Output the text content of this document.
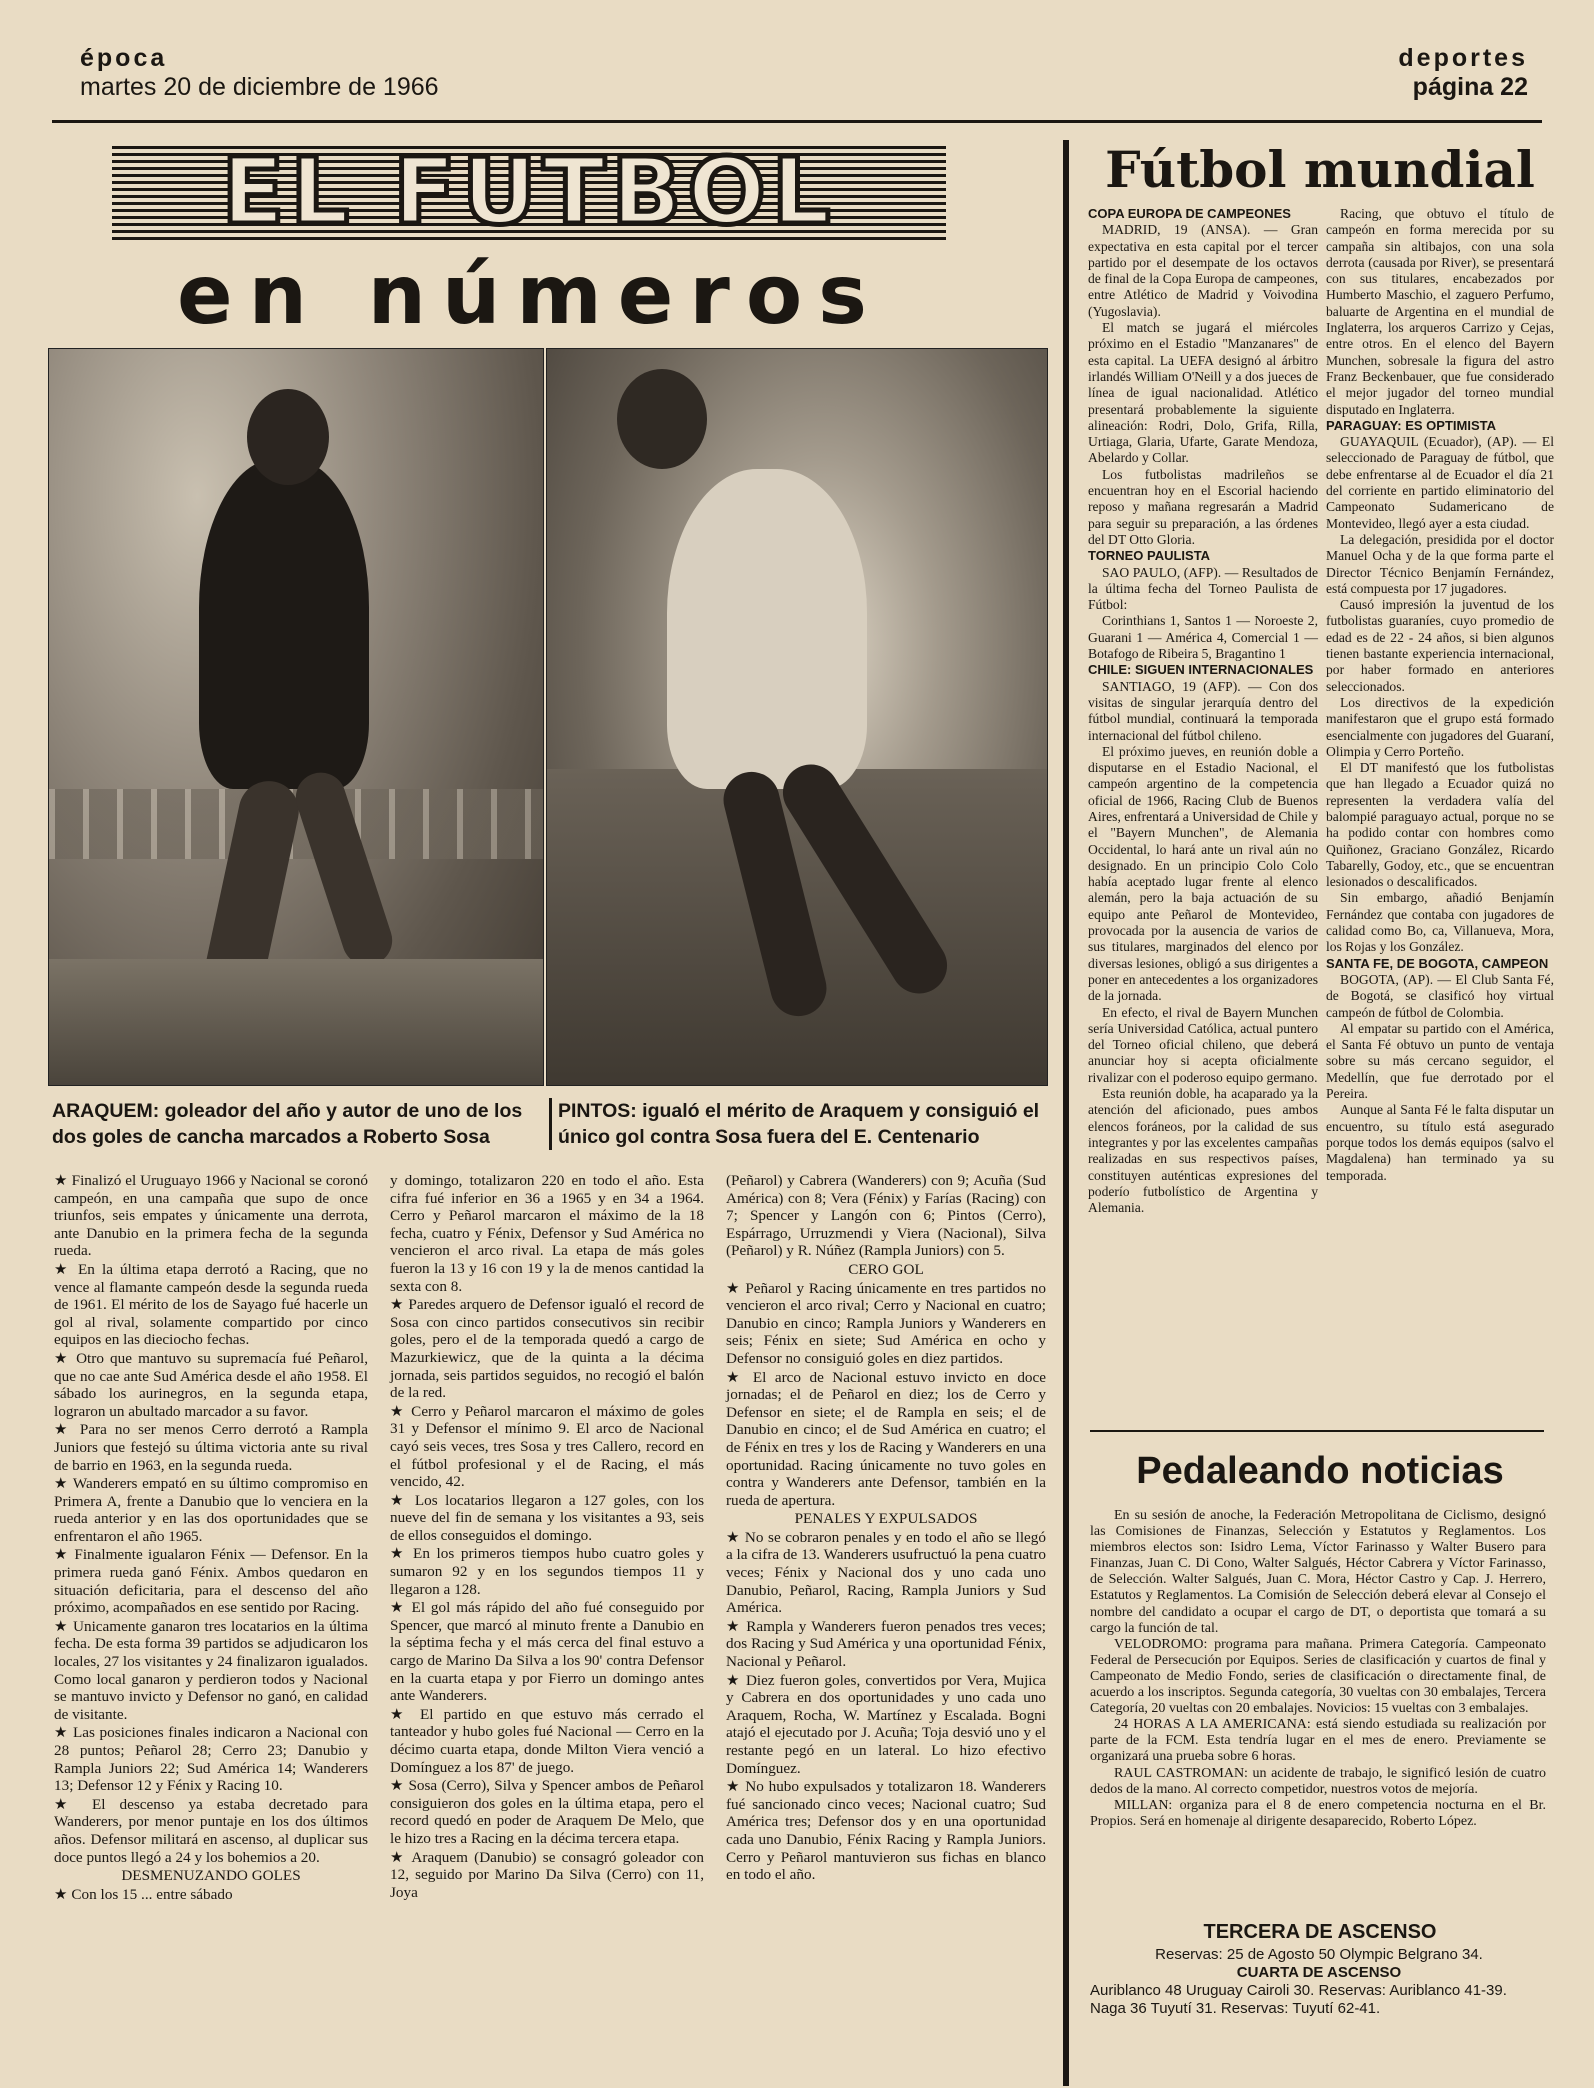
época
martes 20 de diciembre de 1966
deportes
página 22
EL FUTBOL
en números
ARAQUEM: goleador del año y autor de uno de los dos goles de cancha marcados a Roberto Sosa
PINTOS: igualó el mérito de Araquem y consiguió el único gol contra Sosa fuera del E. Centenario

★ Finalizó el Uruguayo 1966 y Nacional se coronó campeón, en una campaña que supo de once triunfos, seis empates y únicamente una derrota, ante Danubio en la primera fecha de la segunda rueda.

★ En la última etapa derrotó a Racing, que no vence al flamante campeón desde la segunda rueda de 1961. El mérito de los de Sayago fué hacerle un gol al rival, solamente compartido por cinco equipos en las dieciocho fechas.

★ Otro que mantuvo su supremacía fué Peñarol, que no cae ante Sud América desde el año 1958. El sábado los aurinegros, en la segunda etapa, lograron un abultado marcador a su favor.

★ Para no ser menos Cerro derrotó a Rampla Juniors que festejó su última victoria ante su rival de barrio en 1963, en la segunda rueda.

★ Wanderers empató en su último compromiso en Primera A, frente a Danubio que lo venciera en la rueda anterior y en las dos oportunidades que se enfrentaron el año 1965.

★ Finalmente igualaron Fénix — Defensor. En la primera rueda ganó Fénix. Ambos quedaron en situación deficitaria, para el descenso del año próximo, acompañados en ese sentido por Racing.

★ Unicamente ganaron tres locatarios en la última fecha. De esta forma 39 partidos se adjudicaron los locales, 27 los visitantes y 24 finalizaron igualados. Como local ganaron y perdieron todos y Nacional se mantuvo invicto y Defensor no ganó, en calidad de visitante.

★ Las posiciones finales indicaron a Nacional con 28 puntos; Peñarol 28; Cerro 23; Danubio y Rampla Juniors 22; Sud América 14; Wanderers 13; Defensor 12 y Fénix y Racing 10.

★ El descenso ya estaba decretado para Wanderers, por menor puntaje en los dos últimos años. Defensor militará en ascenso, al duplicar sus doce puntos llegó a 24 y los bohemios a 20.

DESMENUZANDO GOLES

★ Con los 15 ... entre sábado

y domingo, totalizaron 220 en todo el año. Esta cifra fué inferior en 36 a 1965 y en 34 a 1964. Cerro y Peñarol marcaron el máximo de la 18 fecha, cuatro y Fénix, Defensor y Sud América no vencieron el arco rival. La etapa de más goles fueron la 13 y 16 con 19 y la de menos cantidad la sexta con 8.

★ Paredes arquero de Defensor igualó el record de Sosa con cinco partidos consecutivos sin recibir goles, pero el de la temporada quedó a cargo de Mazurkiewicz, que de la quinta a la décima jornada, seis partidos seguidos, no recogió el balón de la red.

★ Cerro y Peñarol marcaron el máximo de goles 31 y Defensor el mínimo 9. El arco de Nacional cayó seis veces, tres Sosa y tres Callero, record en el fútbol profesional y el de Racing, el más vencido, 42.

★ Los locatarios llegaron a 127 goles, con los nueve del fin de semana y los visitantes a 93, seis de ellos conseguidos el domingo.

★ En los primeros tiempos hubo cuatro goles y sumaron 92 y en los segundos tiempos 11 y llegaron a 128.

★ El gol más rápido del año fué conseguido por Spencer, que marcó al minuto frente a Danubio en la séptima fecha y el más cerca del final estuvo a cargo de Marino Da Silva a los 90' contra Defensor en la cuarta etapa y por Fierro un domingo antes ante Wanderers.

★ El partido en que estuvo más cerrado el tanteador y hubo goles fué Nacional — Cerro en la décimo cuarta etapa, donde Milton Viera venció a Domínguez a los 87' de juego.

★ Sosa (Cerro), Silva y Spencer ambos de Peñarol consiguieron dos goles en la última etapa, pero el record quedó en poder de Araquem De Melo, que le hizo tres a Racing en la décima tercera etapa.

★ Araquem (Danubio) se consagró goleador con 12, seguido por Marino Da Silva (Cerro) con 11, Joya

(Peñarol) y Cabrera (Wanderers) con 9; Acuña (Sud América) con 8; Vera (Fénix) y Farías (Racing) con 7; Spencer y Langón con 6; Pintos (Cerro), Espárrago, Urruzmendi y Viera (Nacional), Silva (Peñarol) y R. Núñez (Rampla Juniors) con 5.

CERO GOL

★ Peñarol y Racing únicamente en tres partidos no vencieron el arco rival; Cerro y Nacional en cuatro; Danubio en cinco; Rampla Juniors y Wanderers en seis; Fénix en siete; Sud América en ocho y Defensor no consiguió goles en diez partidos.

★ El arco de Nacional estuvo invicto en doce jornadas; el de Peñarol en diez; los de Cerro y Defensor en siete; el de Rampla en seis; el de Danubio en cinco; el de Sud América en cuatro; el de Fénix en tres y los de Racing y Wanderers en una oportunidad. Racing únicamente no tuvo goles en contra y Wanderers ante Defensor, también en la rueda de apertura.

PENALES Y EXPULSADOS

★ No se cobraron penales y en todo el año se llegó a la cifra de 13. Wanderers usufructuó la pena cuatro veces; Fénix y Nacional dos y uno cada uno Danubio, Peñarol, Racing, Rampla Juniors y Sud América.

★ Rampla y Wanderers fueron penados tres veces; dos Racing y Sud América y una oportunidad Fénix, Nacional y Peñarol.

★ Diez fueron goles, convertidos por Vera, Mujica y Cabrera en dos oportunidades y uno cada uno Araquem, Rocha, W. Martínez y Escalada. Bogni atajó el ejecutado por J. Acuña; Toja desvió uno y el restante pegó en un lateral. Lo hizo efectivo Domínguez.

★ No hubo expulsados y totalizaron 18. Wanderers fué sancionado cinco veces; Nacional cuatro; Sud América tres; Defensor dos y en una oportunidad cada uno Danubio, Fénix Racing y Rampla Juniors. Cerro y Peñarol mantuvieron sus fichas en blanco en todo el año.

Fútbol mundial
COPA EUROPA DE CAMPEONES

MADRID, 19 (ANSA). — Gran expectativa en esta capital por el tercer partido por el desempate de los octavos de final de la Copa Europa de campeones, entre Atlético de Madrid y Voivodina (Yugoslavia).

El match se jugará el miércoles próximo en el Estadio "Manzanares" de esta capital. La UEFA designó al árbitro irlandés William O'Neill y a dos jueces de línea de igual nacionalidad. Atlético presentará probablemente la siguiente alineación: Rodri, Dolo, Grifa, Rilla, Urtiaga, Glaria, Ufarte, Garate Mendoza, Abelardo y Collar.

Los futbolistas madrileños se encuentran hoy en el Escorial haciendo reposo y mañana regresarán a Madrid para seguir su preparación, a las órdenes del DT Otto Gloria.

TORNEO PAULISTA

SAO PAULO, (AFP). — Resultados de la última fecha del Torneo Paulista de Fútbol:

Corinthians 1, Santos 1 — Noroeste 2, Guarani 1 — América 4, Comercial 1 — Botafogo de Ribeira 5, Bragantino 1

CHILE: SIGUEN INTERNACIONALES

SANTIAGO, 19 (AFP). — Con dos visitas de singular jerarquía dentro del fútbol mundial, continuará la temporada internacional del fútbol chileno.

El próximo jueves, en reunión doble a disputarse en el Estadio Nacional, el campeón argentino de la competencia oficial de 1966, Racing Club de Buenos Aires, enfrentará a Universidad de Chile y el "Bayern Munchen", de Alemania Occidental, lo hará ante un rival aún no designado. En un principio Colo Colo había aceptado lugar frente al elenco alemán, pero la baja actuación de su equipo ante Peñarol de Montevideo, provocada por la ausencia de varios de sus titulares, marginados del elenco por diversas lesiones, obligó a sus dirigentes a poner en antecedentes a los organizadores de la jornada.

En efecto, el rival de Bayern Munchen sería Universidad Católica, actual puntero del Torneo oficial chileno, que deberá anunciar hoy si acepta oficialmente rivalizar con el poderoso equipo germano.

Esta reunión doble, ha acaparado ya la atención del aficionado, pues ambos elencos foráneos, por la calidad de sus integrantes y por las excelentes campañas realizadas en sus respectivos países, constituyen auténticas expresiones del poderío futbolístico de Argentina y Alemania.

Racing, que obtuvo el título de campeón en forma merecida por su campaña sin altibajos, con una sola derrota (causada por River), se presentará con sus titulares, encabezados por Humberto Maschio, el zaguero Perfumo, baluarte de Argentina en el mundial de Inglaterra, los arqueros Carrizo y Cejas, entre otros. En el elenco del Bayern Munchen, sobresale la figura del astro Franz Beckenbauer, que fue considerado el mejor jugador del torneo mundial disputado en Inglaterra.

PARAGUAY: ES OPTIMISTA

GUAYAQUIL (Ecuador), (AP). — El seleccionado de Paraguay de fútbol, que debe enfrentarse al de Ecuador el día 21 del corriente en partido eliminatorio del Campeonato Sudamericano de Montevideo, llegó ayer a esta ciudad.

La delegación, presidida por el doctor Manuel Ocha y de la que forma parte el Director Técnico Benjamín Fernández, está compuesta por 17 jugadores.

Causó impresión la juventud de los futbolistas guaraníes, cuyo promedio de edad es de 22 - 24 años, si bien algunos tienen bastante experiencia internacional, por haber formado en anteriores seleccionados.

Los directivos de la expedición manifestaron que el grupo está formado esencialmente con jugadores del Guaraní, Olimpia y Cerro Porteño.

El DT manifestó que los futbolistas que han llegado a Ecuador quizá no representen la verdadera valía del balompié paraguayo actual, porque no se ha podido contar con hombres como Quiñonez, Graciano González, Ricardo Tabarelly, Godoy, etc., que se encuentran lesionados o descalificados.

Sin embargo, añadió Benjamín Fernández que contaba con jugadores de calidad como Bo, ca, Villanueva, Mora, los Rojas y los González.

SANTA FE, DE BOGOTA, CAMPEON

BOGOTA, (AP). — El Club Santa Fé, de Bogotá, se clasificó hoy virtual campeón de fútbol de Colombia.

Al empatar su partido con el América, el Santa Fé obtuvo un punto de ventaja sobre su más cercano seguidor, el Medellín, que fue derrotado por el Pereira.

Aunque al Santa Fé le falta disputar un encuentro, su título está asegurado porque todos los demás equipos (salvo el Magdalena) han terminado ya su temporada.

Pedaleando noticias

En su sesión de anoche, la Federación Metropolitana de Ciclismo, designó las Comisiones de Finanzas, Selección y Estatutos y Reglamentos. Los miembros electos son: Isidro Lema, Víctor Farinasso y Walter Busero para Finanzas, Juan C. Di Cono, Walter Salgués, Héctor Cabrera y Víctor Farinasso, de Selección. Walter Salgués, Juan C. Mora, Héctor Castro y Cap. J. Herrero, Estatutos y Reglamentos. La Comisión de Selección deberá elevar al Consejo el nombre del candidato a ocupar el cargo de DT, o deportista que tomará a su cargo la función de tal.

VELODROMO: programa para mañana. Primera Categoría. Campeonato Federal de Persecución por Equipos. Series de clasificación y cuartos de final y Campeonato de Medio Fondo, series de clasificación o directamente final, de acuerdo a los inscriptos. Segunda categoría, 30 vueltas con 30 embalajes, Tercera Categoría, 20 vueltas con 20 embalajes. Novicios: 15 vueltas con 3 embalajes.

24 HORAS A LA AMERICANA: está siendo estudiada su realización por parte de la FCM. Esta tendría lugar en el mes de enero. Previamente se organizará una prueba sobre 6 horas.

RAUL CASTROMAN: un acidente de trabajo, le significó lesión de cuatro dedos de la mano. Al correcto competidor, nuestros votos de mejoría.

MILLAN: organiza para el 8 de enero competencia nocturna en el Br. Propios. Será en homenaje al dirigente desaparecido, Roberto López.

TERCERA DE ASCENSO
Reservas: 25 de Agosto 50 Olympic Belgrano 34.
CUARTA DE ASCENSO
Auriblanco 48 Uruguay Cairoli 30. Reservas: Auriblanco 41-39.
Naga 36 Tuyutí 31. Reservas: Tuyutí 62-41.
